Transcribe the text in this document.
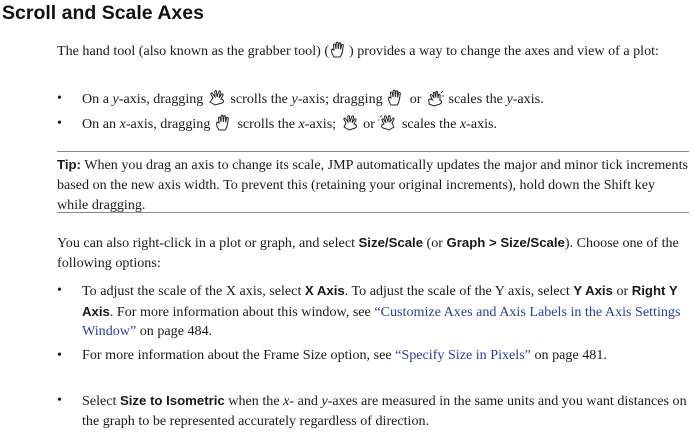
Scroll and Scale Axes

The hand tool (also known as the grabber tool) ( ) provides a way to change the axes and view of a plot:

• On a y-axis, dragging
scrolls the y-axis; dragging
or
scales the y-axis.
• On an x-axis, dragging
scrolls the x-axis;
or
scales the x-axis.
Tip: When you drag an axis to change its scale, JMP automatically updates the major and minor tick increments based on the new axis width. To prevent this (retaining your original increments), hold down the Shift key while dragging.

You can also right-click in a plot or graph, and select Size/Scale (or Graph > Size/Scale). Choose one of the following options:

• To adjust the scale of the X axis, select X Axis. To adjust the scale of the Y axis, select Y Axis or Right Y Axis. For more information about this window, see “Customize Axes and Axis Labels in the Axis Settings Window” on page 484.
• For more information about the Frame Size option, see “Specify Size in Pixels” on page 481.
• Select Size to Isometric when the x- and y-axes are measured in the same units and you want distances on the graph to be represented accurately regardless of direction.
